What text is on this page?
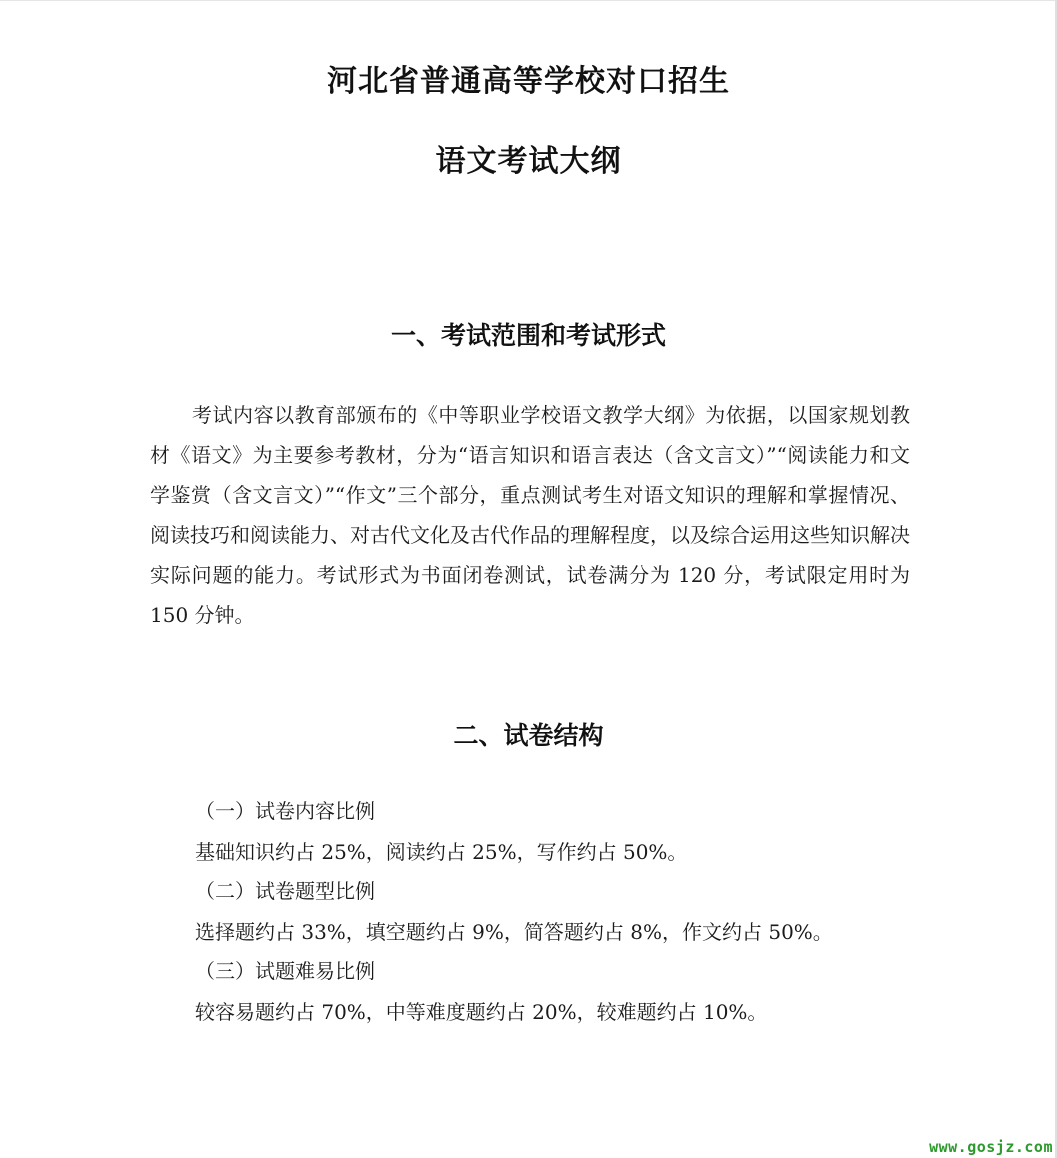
河北省普通高等学校对口招生
语文考试大纲
一、考试范围和考试形式
考试内容以教育部颁布的《中等职业学校语文教学大纲》为依据，以国家规划教材《语文》为主要参考教材，分为“语言知识和语言表达（含文言文）”“阅读能力和文学鉴赏（含文言文）”“作文”三个部分，重点测试考生对语文知识的理解和掌握情况、阅读技巧和阅读能力、对古代文化及古代作品的理解程度，以及综合运用这些知识解决实际问题的能力。考试形式为书面闭卷测试，试卷满分为 120 分，考试限定用时为 150 分钟。
二、试卷结构
（一）试卷内容比例
基础知识约占 25%，阅读约占 25%，写作约占 50%。
（二）试卷题型比例
选择题约占 33%，填空题约占 9%，简答题约占 8%，作文约占 50%。
（三）试题难易比例
较容易题约占 70%，中等难度题约占 20%，较难题约占 10%。
www.gosjz.com
